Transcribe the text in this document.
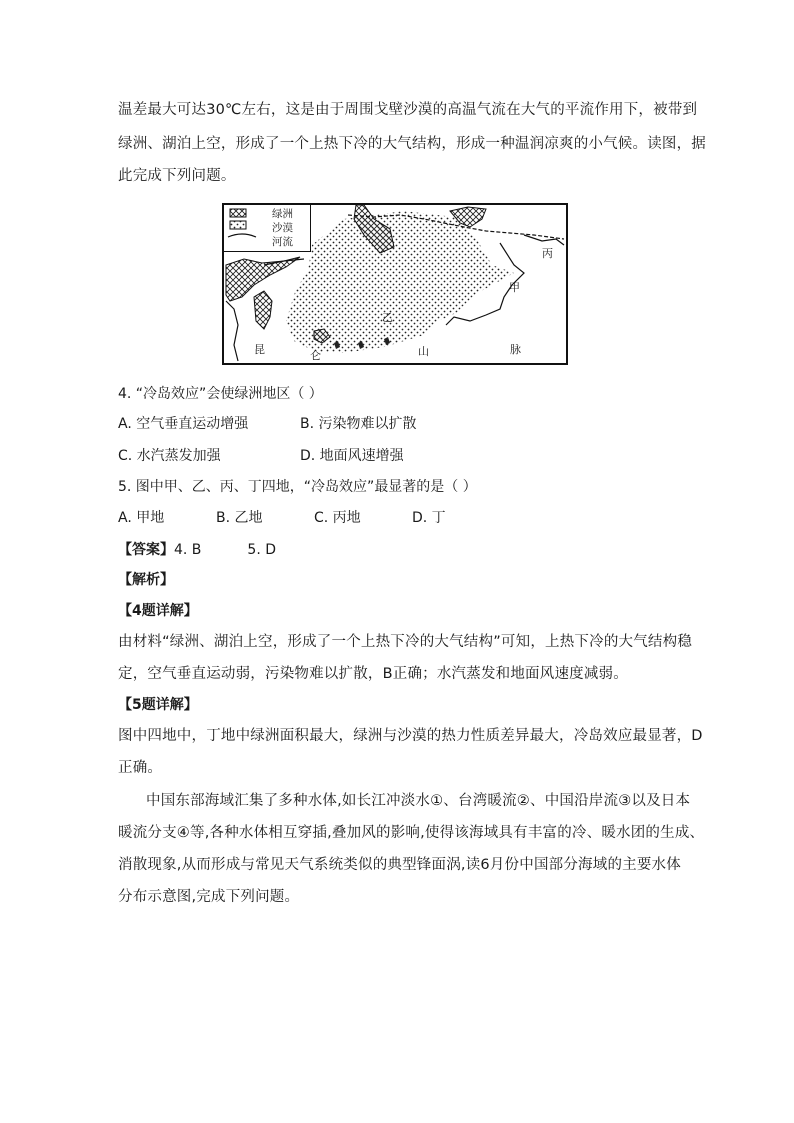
温差最大可达30℃左右，这是由于周围戈壁沙漠的高温气流在大气的平流作用下，被带到
绿洲、湖泊上空，形成了一个上热下冷的大气结构，形成一种温润凉爽的小气候。读图，据
此完成下列问题。
绿洲
沙漠
河流
丙
甲
乙
昆	仑	山	脉
4. “冷岛效应”会使绿洲地区（ ）
A. 空气垂直运动增强	B. 污染物难以扩散
C. 水汽蒸发加强	D. 地面风速增强
5. 图中甲、乙、丙、丁四地，“冷岛效应”最显著的是（ ）
A. 甲地	B. 乙地	C. 丙地	D. 丁
【答案】4. B	5. D
【解析】
【4题详解】
由材料“绿洲、湖泊上空，形成了一个上热下冷的大气结构”可知，上热下冷的大气结构稳
定，空气垂直运动弱，污染物难以扩散，B正确；水汽蒸发和地面风速度减弱。
【5题详解】
图中四地中，丁地中绿洲面积最大，绿洲与沙漠的热力性质差异最大，冷岛效应最显著，D
正确。
中国东部海域汇集了多种水体,如长江冲淡水①、台湾暖流②、中国沿岸流③以及日本
暖流分支④等,各种水体相互穿插,叠加风的影响,使得该海域具有丰富的冷、暖水团的生成、
消散现象,从而形成与常见天气系统类似的典型锋面涡,读6月份中国部分海域的主要水体
分布示意图,完成下列问题。
